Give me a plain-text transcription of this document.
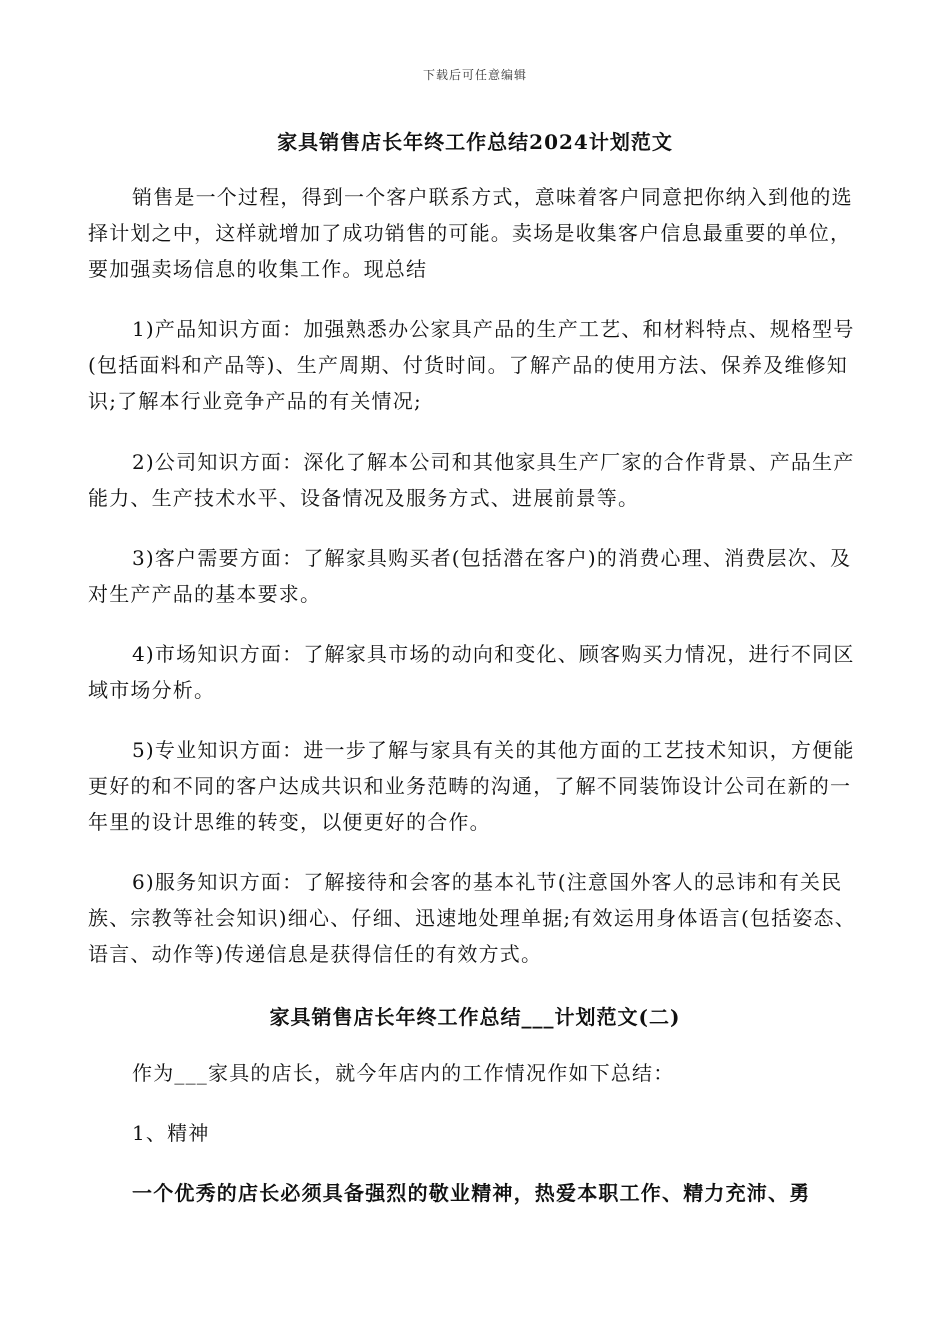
下载后可任意编辑
家具销售店长年终工作总结2024计划范文

销售是一个过程，得到一个客户联系方式，意味着客户同意把你纳入到他的选择计划之中，这样就增加了成功销售的可能。卖场是收集客户信息最重要的单位，要加强卖场信息的收集工作。现总结

1)产品知识方面：加强熟悉办公家具产品的生产工艺、和材料特点、规格型号(包括面料和产品等)、生产周期、付货时间。了解产品的使用方法、保养及维修知识;了解本行业竞争产品的有关情况;

2)公司知识方面：深化了解本公司和其他家具生产厂家的合作背景、产品生产能力、生产技术水平、设备情况及服务方式、进展前景等。

3)客户需要方面：了解家具购买者(包括潜在客户)的消费心理、消费层次、及对生产产品的基本要求。

4)市场知识方面：了解家具市场的动向和变化、顾客购买力情况，进行不同区域市场分析。

5)专业知识方面：进一步了解与家具有关的其他方面的工艺技术知识，方便能更好的和不同的客户达成共识和业务范畴的沟通，了解不同装饰设计公司在新的一年里的设计思维的转变，以便更好的合作。

6)服务知识方面：了解接待和会客的基本礼节(注意国外客人的忌讳和有关民族、宗教等社会知识)细心、仔细、迅速地处理单据;有效运用身体语言(包括姿态、语言、动作等)传递信息是获得信任的有效方式。

家具销售店长年终工作总结___计划范文(二)

作为___家具的店长，就今年店内的工作情况作如下总结：

1、精神

一个优秀的店长必须具备强烈的敬业精神，热爱本职工作、精力充沛、勇
